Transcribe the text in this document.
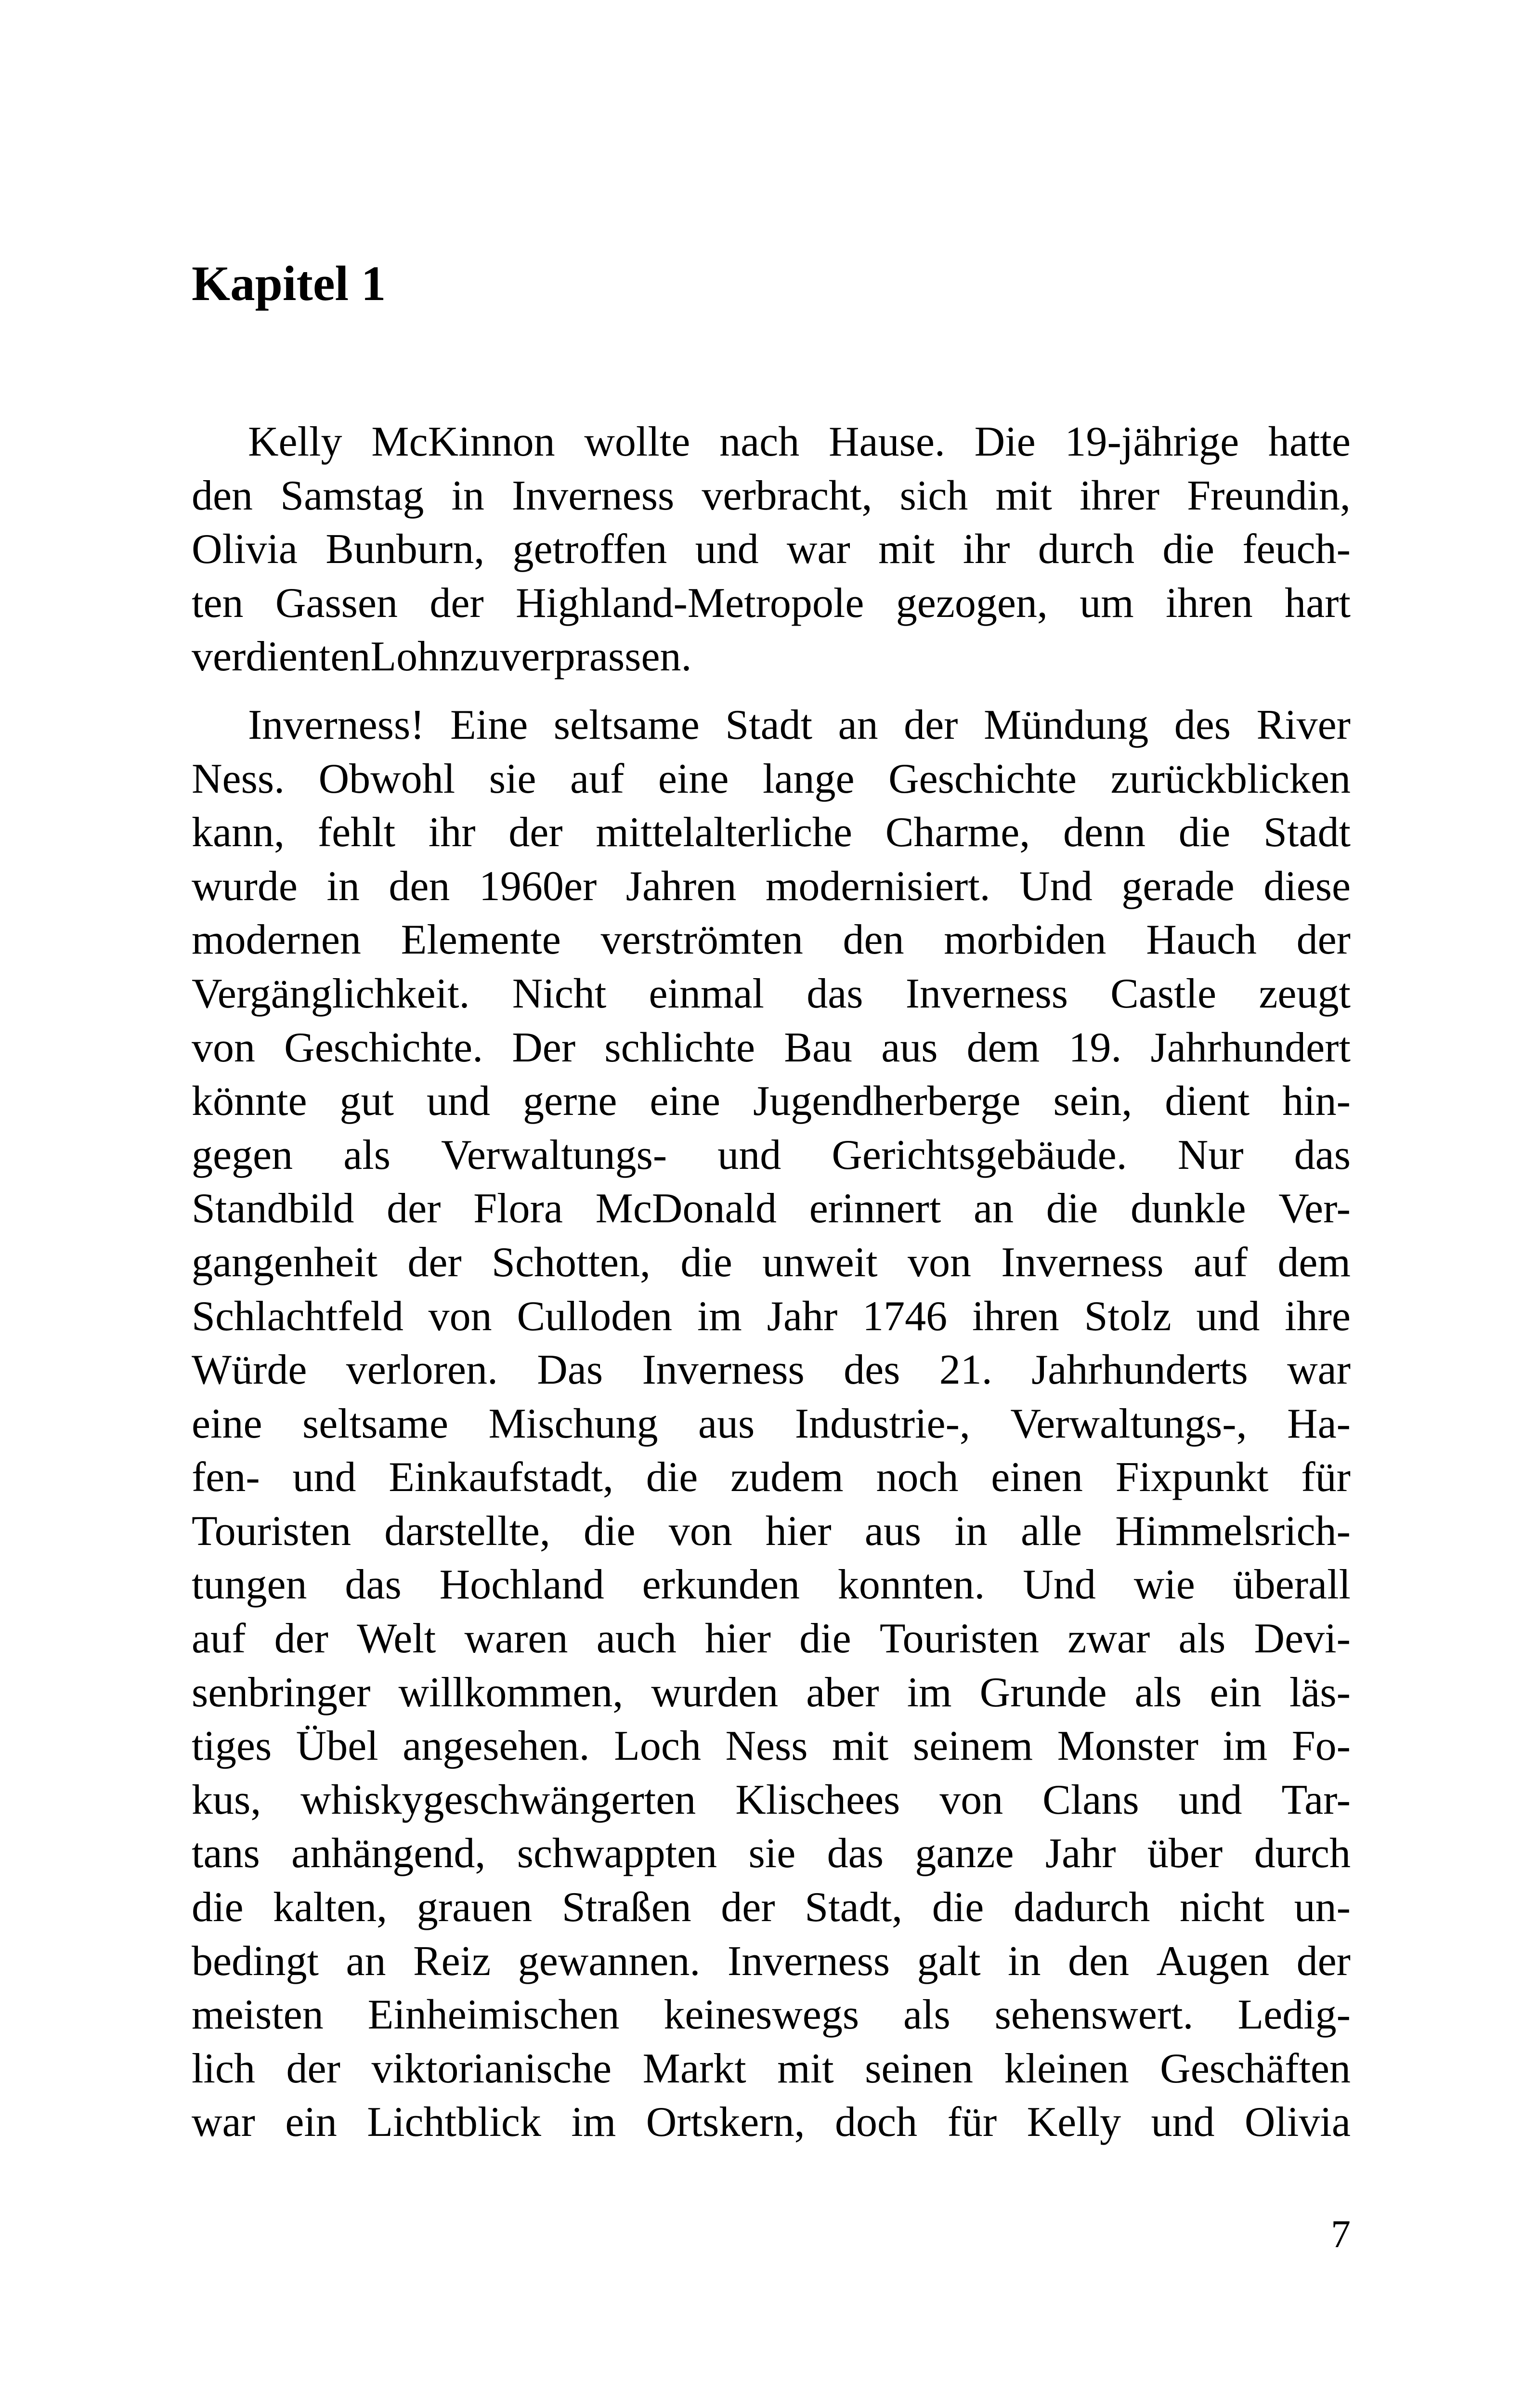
Kapitel 1
Kelly McKinnon wollte nach Hause. Die 19-jährige hatte
den Samstag in Inverness verbracht, sich mit ihrer Freundin,
Olivia Bunburn, getroffen und war mit ihr durch die feuch-
ten Gassen der Highland-Metropole gezogen, um ihren hart
verdienten Lohn zu verprassen.
Inverness! Eine seltsame Stadt an der Mündung des River
Ness. Obwohl sie auf eine lange Geschichte zurückblicken
kann, fehlt ihr der mittelalterliche Charme, denn die Stadt
wurde in den 1960er Jahren modernisiert. Und gerade diese
modernen Elemente verströmten den morbiden Hauch der
Vergänglichkeit. Nicht einmal das Inverness Castle zeugt
von Geschichte. Der schlichte Bau aus dem 19. Jahrhundert
könnte gut und gerne eine Jugendherberge sein, dient hin-
gegen als Verwaltungs- und Gerichtsgebäude. Nur das
Standbild der Flora McDonald erinnert an die dunkle Ver-
gangenheit der Schotten, die unweit von Inverness auf dem
Schlachtfeld von Culloden im Jahr 1746 ihren Stolz und ihre
Würde verloren. Das Inverness des 21. Jahrhunderts war
eine seltsame Mischung aus Industrie-, Verwaltungs-, Ha-
fen- und Einkaufstadt, die zudem noch einen Fixpunkt für
Touristen darstellte, die von hier aus in alle Himmelsrich-
tungen das Hochland erkunden konnten. Und wie überall
auf der Welt waren auch hier die Touristen zwar als Devi-
senbringer willkommen, wurden aber im Grunde als ein läs-
tiges Übel angesehen. Loch Ness mit seinem Monster im Fo-
kus, whiskygeschwängerten Klischees von Clans und Tar-
tans anhängend, schwappten sie das ganze Jahr über durch
die kalten, grauen Straßen der Stadt, die dadurch nicht un-
bedingt an Reiz gewannen. Inverness galt in den Augen der
meisten Einheimischen keineswegs als sehenswert. Ledig-
lich der viktorianische Markt mit seinen kleinen Geschäften
war ein Lichtblick im Ortskern, doch für Kelly und Olivia

7
